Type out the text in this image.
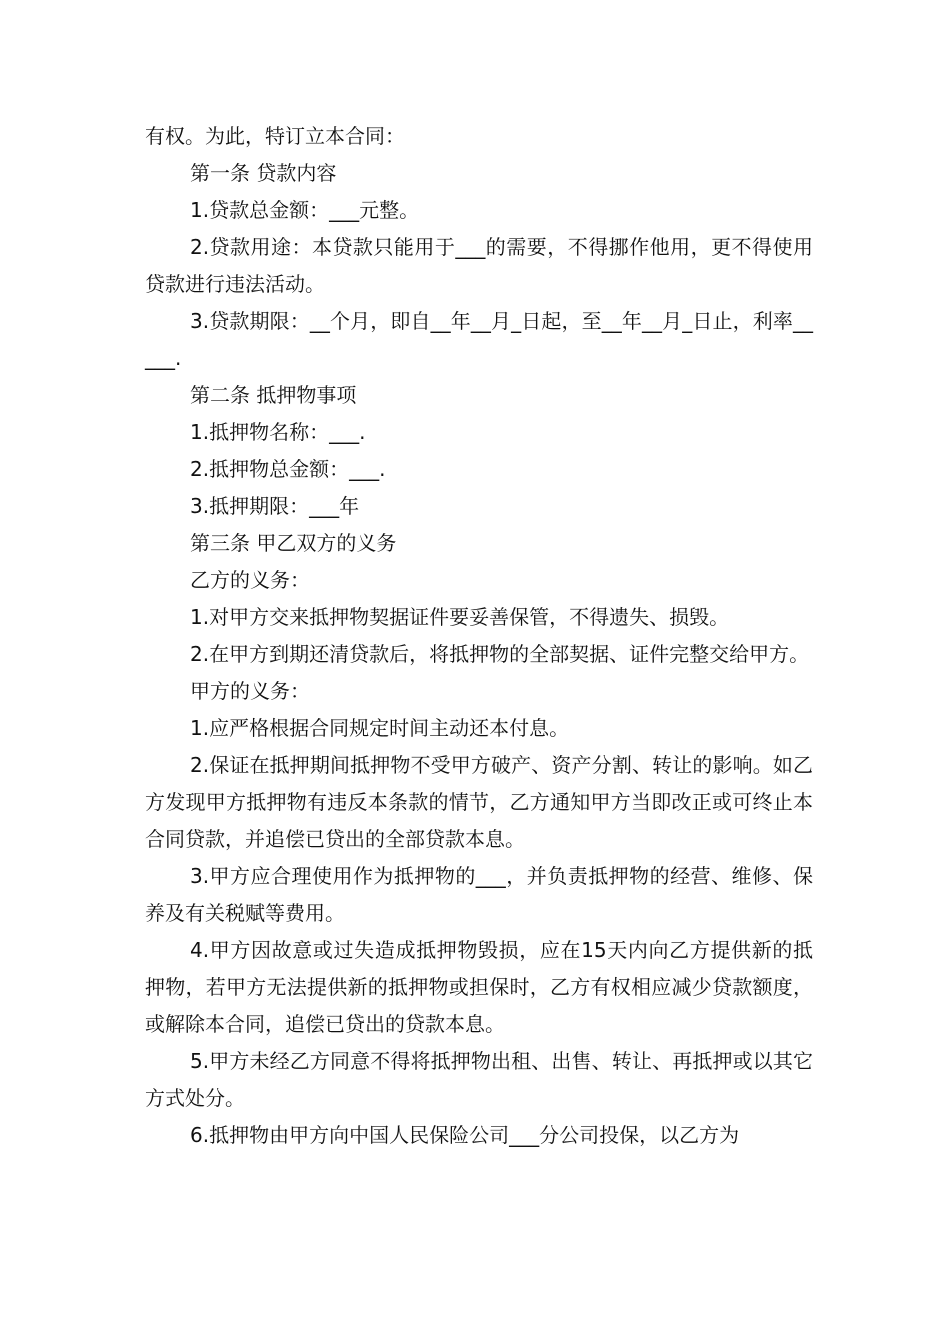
有权。为此，特订立本合同：

第一条 贷款内容

1.贷款总金额：___元整。

2.贷款用途：本贷款只能用于___的需要，不得挪作他用，更不得使用贷款进行违法活动。

3.贷款期限：__个月，即自__年__月_日起，至__年__月_日止，利率_____.

第二条 抵押物事项

1.抵押物名称：___.

2.抵押物总金额：___.

3.抵押期限：___年

第三条 甲乙双方的义务

乙方的义务：

1.对甲方交来抵押物契据证件要妥善保管，不得遗失、损毁。

2.在甲方到期还清贷款后，将抵押物的全部契据、证件完整交给甲方。

甲方的义务：

1.应严格根据合同规定时间主动还本付息。

2.保证在抵押期间抵押物不受甲方破产、资产分割、转让的影响。如乙方发现甲方抵押物有违反本条款的情节，乙方通知甲方当即改正或可终止本合同贷款，并追偿已贷出的全部贷款本息。

3.甲方应合理使用作为抵押物的___，并负责抵押物的经营、维修、保养及有关税赋等费用。

4.甲方因故意或过失造成抵押物毁损，应在15天内向乙方提供新的抵押物，若甲方无法提供新的抵押物或担保时，乙方有权相应减少贷款额度，或解除本合同，追偿已贷出的贷款本息。

5.甲方未经乙方同意不得将抵押物出租、出售、转让、再抵押或以其它方式处分。

6.抵押物由甲方向中国人民保险公司___分公司投保，以乙方为
